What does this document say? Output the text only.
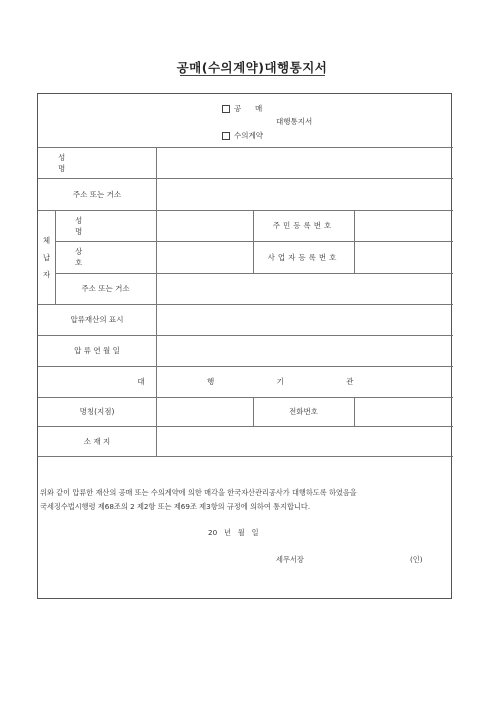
공매(수의계약)대행통지서
공  매
대행통지서
수의계약
성 명
주소 또는 거소
체
납
자
성 명
주민등록번호
상 호
사업자등록번호
주소 또는 거소
압류재산의 표시
압 류 연 월 일
대 행 기 관
명칭(지점)	전화번호
소 재 지
위와 같이 압류한 재산의 공매 또는 수의계약에 의한 매각을 한국자산관리공사가 대행하도록 하였음을
국세징수법시행령 제68조의 2 제2항 또는 제69조 제3항의 규정에 의하여 통지합니다.
20   년   월   일
세무서장	(인)
